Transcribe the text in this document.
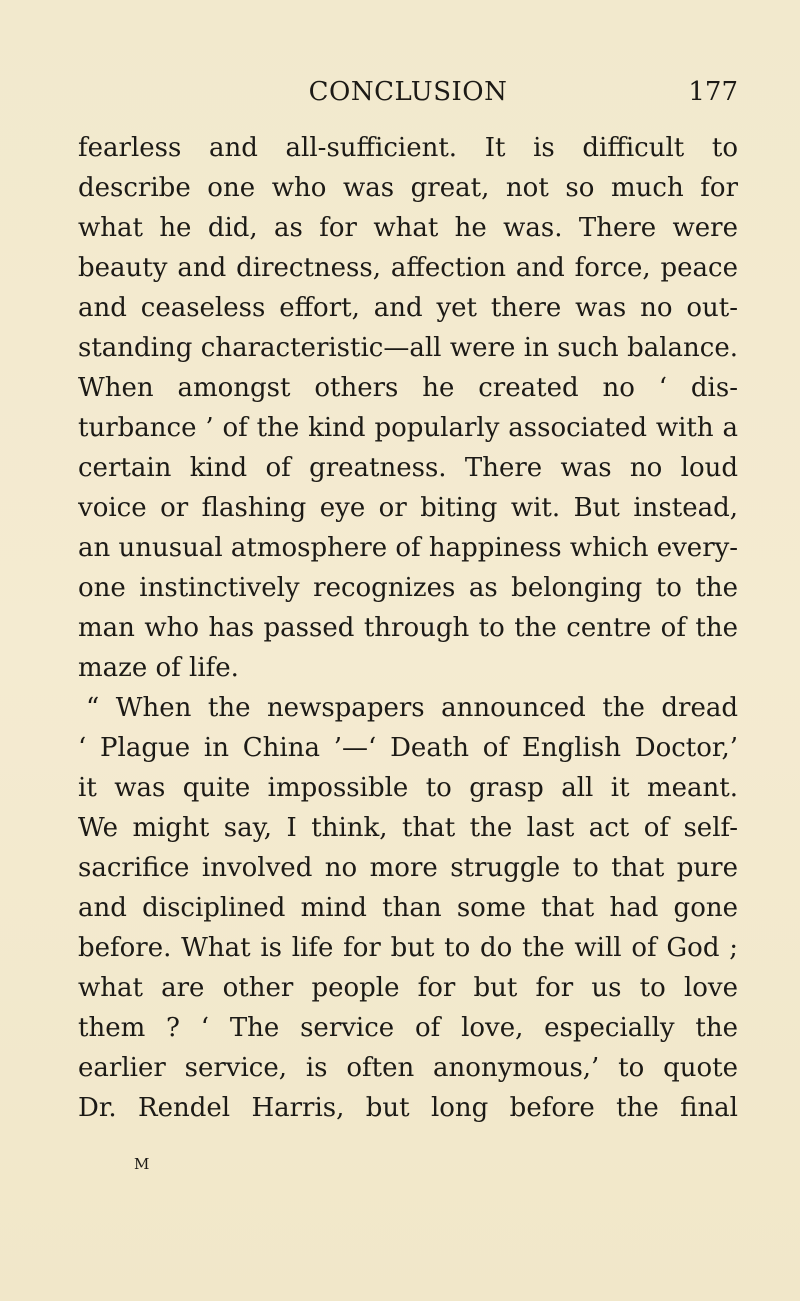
CONCLUSION	177
fearless and all-sufficient. It is difficult to
describe one who was great, not so much for
what he did, as for what he was. There were
beauty and directness, affection and force, peace
and ceaseless effort, and yet there was no out-
standing characteristic—all were in such balance.
When amongst others he created no ‘ dis-
turbance ’ of the kind popularly associated with a
certain kind of greatness. There was no loud
voice or flashing eye or biting wit. But instead,
an unusual atmosphere of happiness which every-
one instinctively recognizes as belonging to the
man who has passed through to the centre of the
maze of life.
“ When the newspapers announced the dread
‘ Plague in China ’—‘ Death of English Doctor,’
it was quite impossible to grasp all it meant.
We might say, I think, that the last act of self-
sacrifice involved no more struggle to that pure
and disciplined mind than some that had gone
before. What is life for but to do the will of God ;
what are other people for but for us to love
them ? ‘ The service of love, especially the
earlier service, is often anonymous,’ to quote
Dr. Rendel Harris, but long before the final
M
